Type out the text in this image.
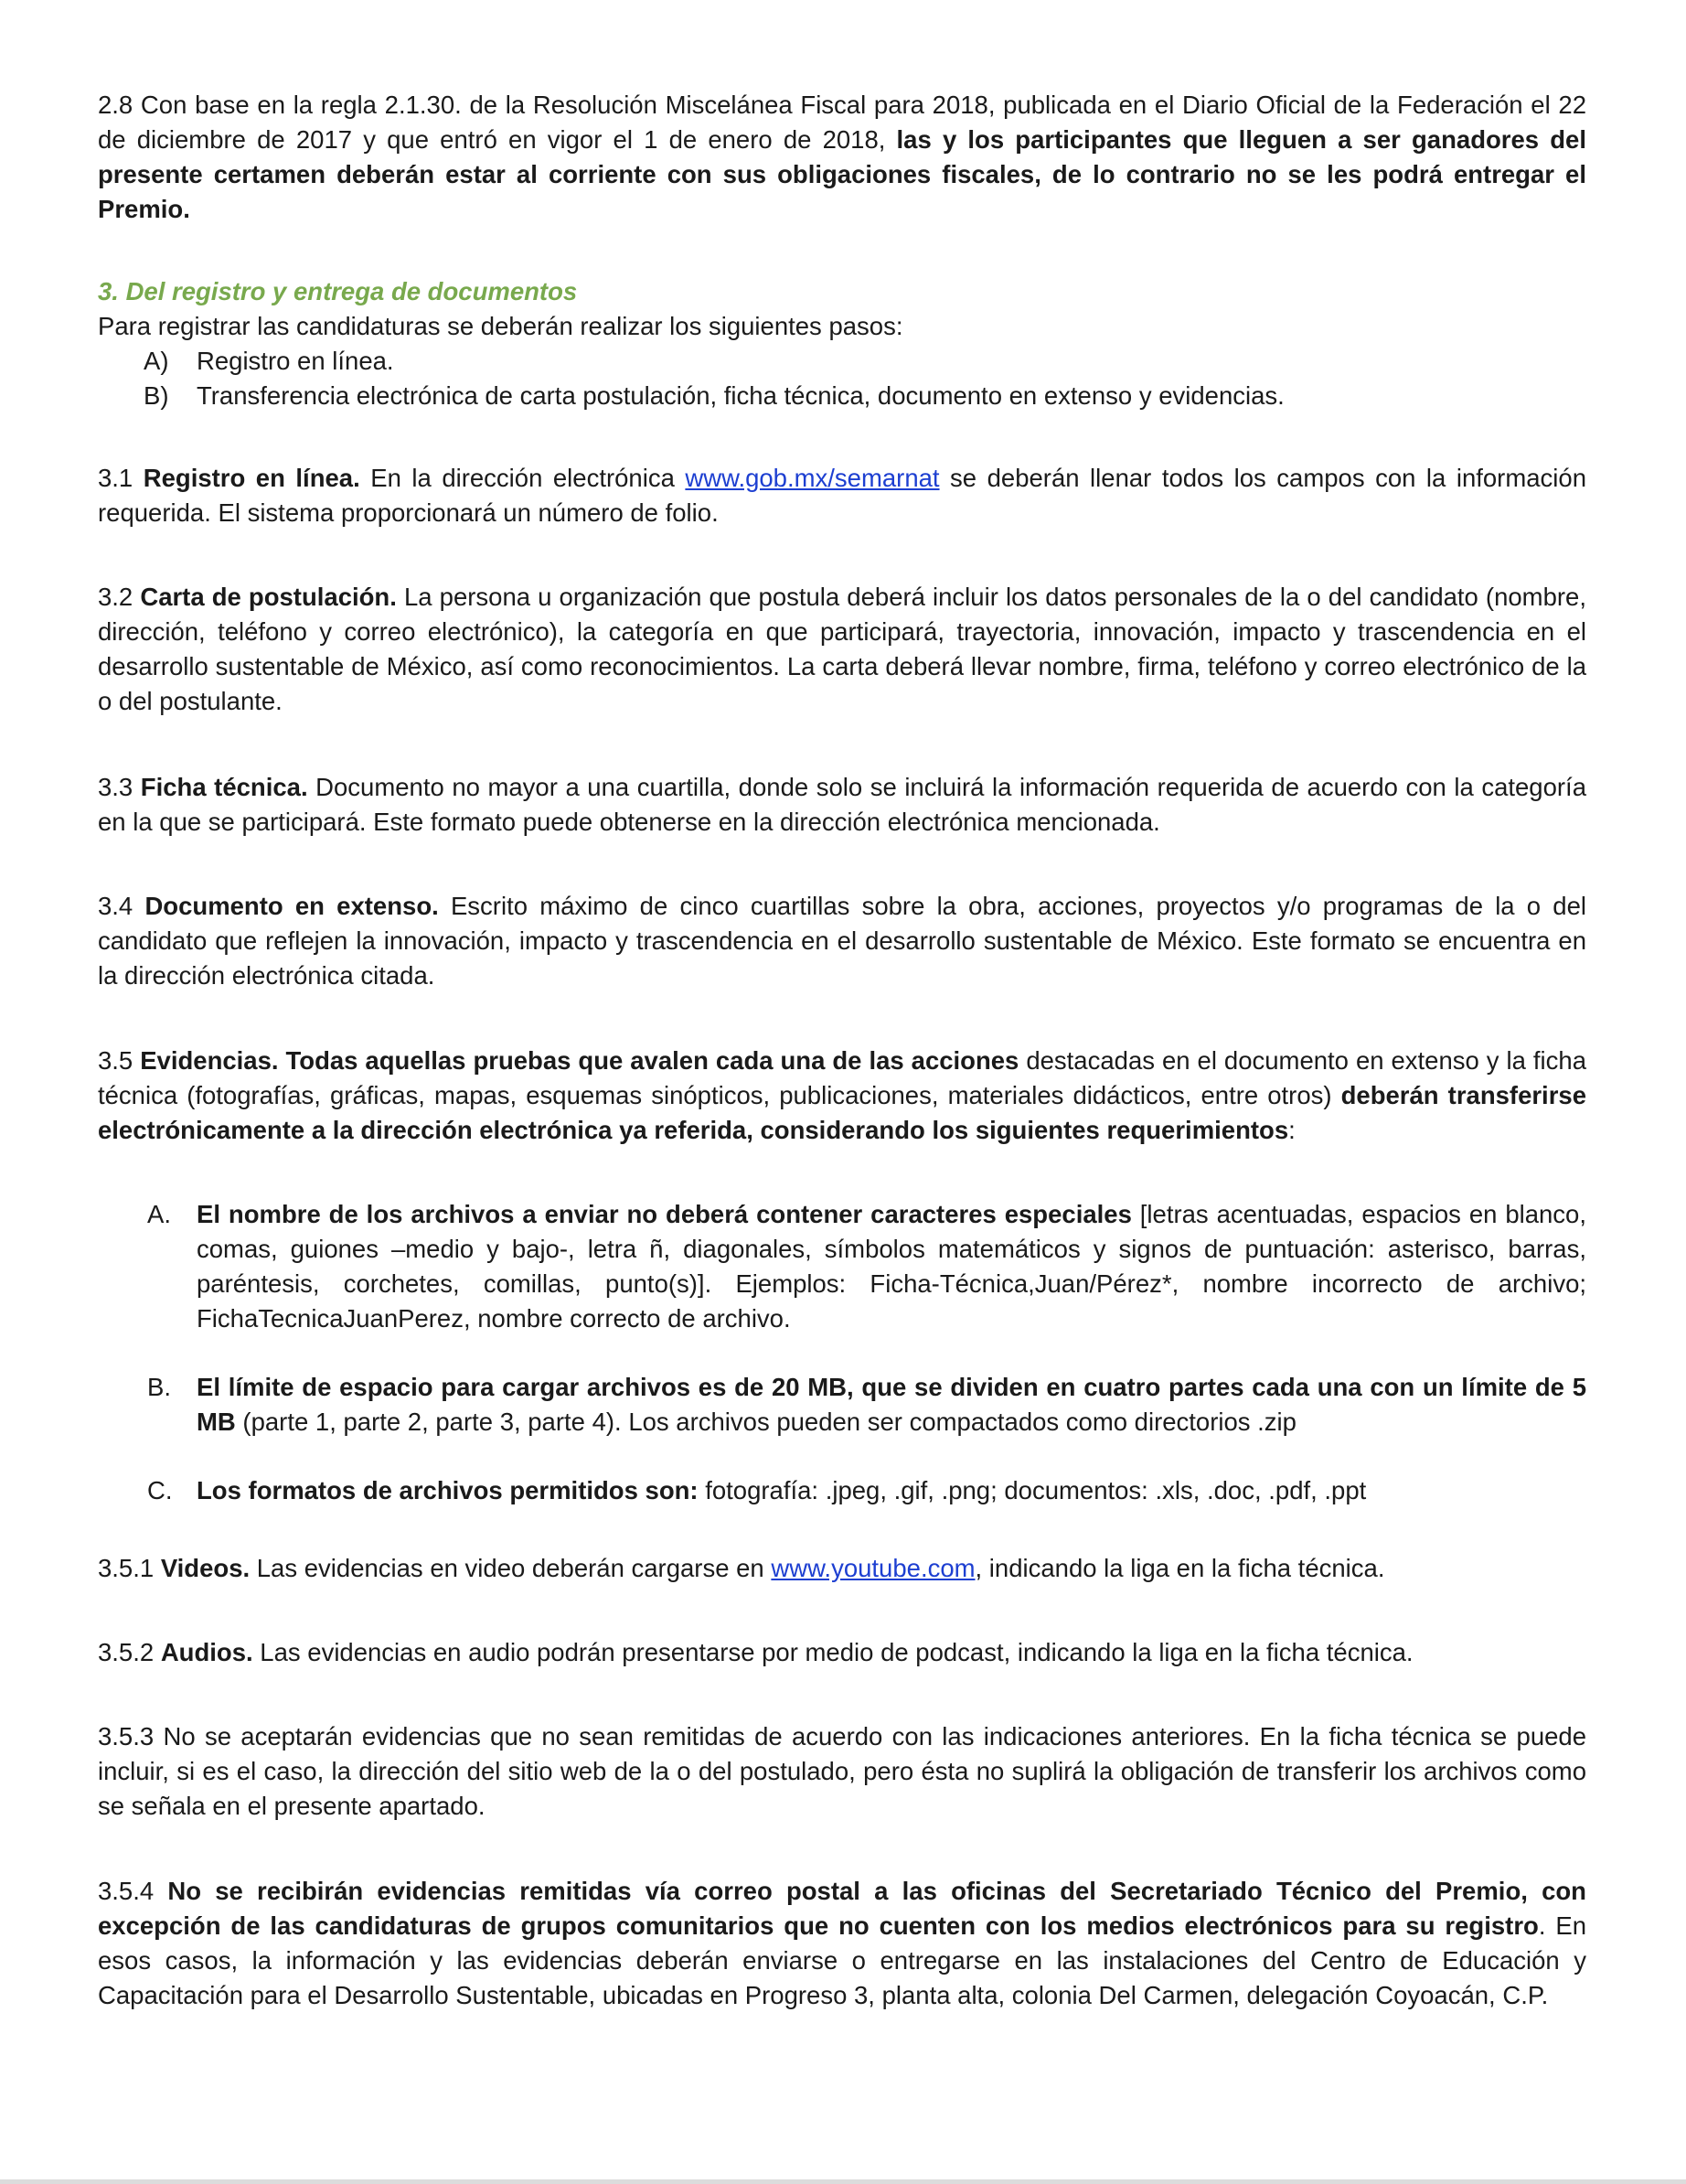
2.8 Con base en la regla 2.1.30. de la Resolución Miscelánea Fiscal para 2018, publicada en el Diario Oficial de la Federación el 22 de diciembre de 2017 y que entró en vigor el 1 de enero de 2018, las y los participantes que lleguen a ser ganadores del presente certamen deberán estar al corriente con sus obligaciones fiscales, de lo contrario no se les podrá entregar el Premio.

3. Del registro y entrega de documentos

Para registrar las candidaturas se deberán realizar los siguientes pasos:

A) Registro en línea.
B) Transferencia electrónica de carta postulación, ficha técnica, documento en extenso y evidencias.

3.1 Registro en línea. En la dirección electrónica www.gob.mx/semarnat se deberán llenar todos los campos con la información requerida. El sistema proporcionará un número de folio.

3.2 Carta de postulación. La persona u organización que postula deberá incluir los datos personales de la o del candidato (nombre, dirección, teléfono y correo electrónico), la categoría en que participará, trayectoria, innovación, impacto y trascendencia en el desarrollo sustentable de México, así como reconocimientos. La carta deberá llevar nombre, firma, teléfono y correo electrónico de la o del postulante.

3.3 Ficha técnica. Documento no mayor a una cuartilla, donde solo se incluirá la información requerida de acuerdo con la categoría en la que se participará. Este formato puede obtenerse en la dirección electrónica mencionada.

3.4 Documento en extenso. Escrito máximo de cinco cuartillas sobre la obra, acciones, proyectos y/o programas de la o del candidato que reflejen la innovación, impacto y trascendencia en el desarrollo sustentable de México. Este formato se encuentra en la dirección electrónica citada.

3.5 Evidencias. Todas aquellas pruebas que avalen cada una de las acciones destacadas en el documento en extenso y la ficha técnica (fotografías, gráficas, mapas, esquemas sinópticos, publicaciones, materiales didácticos, entre otros) deberán transferirse electrónicamente a la dirección electrónica ya referida, considerando los siguientes requerimientos:

A. El nombre de los archivos a enviar no deberá contener caracteres especiales [letras acentuadas, espacios en blanco, comas, guiones –medio y bajo-, letra ñ, diagonales, símbolos matemáticos y signos de puntuación: asterisco, barras, paréntesis, corchetes, comillas, punto(s)]. Ejemplos: Ficha-Técnica,Juan/Pérez*, nombre incorrecto de archivo; FichaTecnicaJuanPerez, nombre correcto de archivo.
B. El límite de espacio para cargar archivos es de 20 MB, que se dividen en cuatro partes cada una con un límite de 5 MB (parte 1, parte 2, parte 3, parte 4). Los archivos pueden ser compactados como directorios .zip
C. Los formatos de archivos permitidos son: fotografía: .jpeg, .gif, .png; documentos: .xls, .doc, .pdf, .ppt

3.5.1 Videos. Las evidencias en video deberán cargarse en www.youtube.com, indicando la liga en la ficha técnica.

3.5.2 Audios. Las evidencias en audio podrán presentarse por medio de podcast, indicando la liga en la ficha técnica.

3.5.3 No se aceptarán evidencias que no sean remitidas de acuerdo con las indicaciones anteriores. En la ficha técnica se puede incluir, si es el caso, la dirección del sitio web de la o del postulado, pero ésta no suplirá la obligación de transferir los archivos como se señala en el presente apartado.

3.5.4 No se recibirán evidencias remitidas vía correo postal a las oficinas del Secretariado Técnico del Premio, con excepción de las candidaturas de grupos comunitarios que no cuenten con los medios electrónicos para su registro. En esos casos, la información y las evidencias deberán enviarse o entregarse en las instalaciones del Centro de Educación y Capacitación para el Desarrollo Sustentable, ubicadas en Progreso 3, planta alta, colonia Del Carmen, delegación Coyoacán, C.P.
